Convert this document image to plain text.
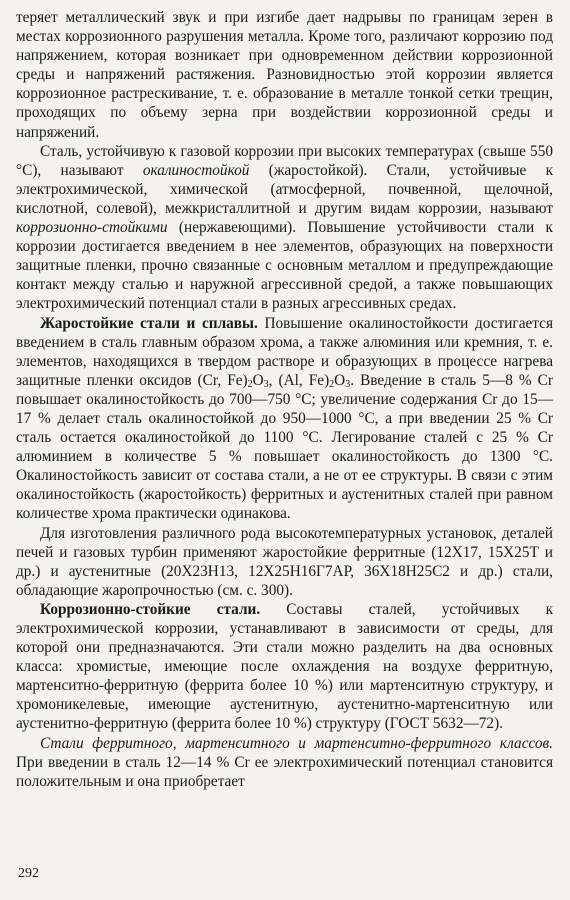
теряет металлический звук и при изгибе дает надрывы по границам зерен в местах коррозионного разрушения металла. Кроме того, различают коррозию под напряжением, которая возникает при одновременном действии коррозионной среды и напряжений растяжения. Разновидностью этой коррозии является коррозионное растрескивание, т. е. образование в металле тонкой сетки трещин, проходящих по объему зерна при воздействии коррозионной среды и напряжений.

Сталь, устойчивую к газовой коррозии при высоких температурах (свыше 550 °С), называют окалиностойкой (жаростойкой). Стали, устойчивые к электрохимической, химической (атмосферной, почвенной, щелочной, кислотной, солевой), межкристаллитной и другим видам коррозии, называют коррозионно-стойкими (нержавеющими). Повышение устойчивости стали к коррозии достигается введением в нее элементов, образующих на поверхности защитные пленки, прочно связанные с основным металлом и предупреждающие контакт между сталью и наружной агрессивной средой, а также повышающих электрохимический потенциал стали в разных агрессивных средах.

Жаростойкие стали и сплавы. Повышение окалиностойкости достигается введением в сталь главным образом хрома, а также алюминия или кремния, т. е. элементов, находящихся в твердом растворе и образующих в процессе нагрева защитные пленки оксидов (Cr, $Fe)_2O_3$, (Al, $Fe)_2O_3$. Введение в сталь 5—8 % Cr повышает окалиностойкость до 700—750 °С; увеличение содержания Cr до 15—17 % делает сталь окалиностойкой до 950—1000 °С, а при введении 25 % Cr сталь остается окалиностойкой до 1100 °С. Легирование сталей с 25 % Cr алюминием в количестве 5 % повышает окалиностойкость до 1300 °С. Окалиностойкость зависит от состава стали, а не от ее структуры. В связи с этим окалиностойкость (жаростойкость) ферритных и аустенитных сталей при равном количестве хрома практически одинакова.

Для изготовления различного рода высокотемпературных установок, деталей печей и газовых турбин применяют жаростойкие ферритные (12Х17, 15Х25Т и др.) и аустенитные (20Х23Н13, 12Х25Н16Г7АР, 36Х18Н25С2 и др.) стали, обладающие жаропрочностью (см. с. 300).

Коррозионно-стойкие стали. Составы сталей, устойчивых к электрохимической коррозии, устанавливают в зависимости от среды, для которой они предназначаются. Эти стали можно разделить на два основных класса: хромистые, имеющие после охлаждения на воздухе ферритную, мартенситно-ферритную (феррита более 10 %) или мартенситную структуру, и хромоникелевые, имеющие аустенитную, аустенитно-мартенситную или аустенитно-ферритную (феррита более 10 %) структуру (ГОСТ 5632—72).

Стали ферритного, мартенситного и мартенситно-ферритного классов. При введении в сталь 12—14 % Cr ее электрохимический потенциал становится положительным и она приобретает

292
